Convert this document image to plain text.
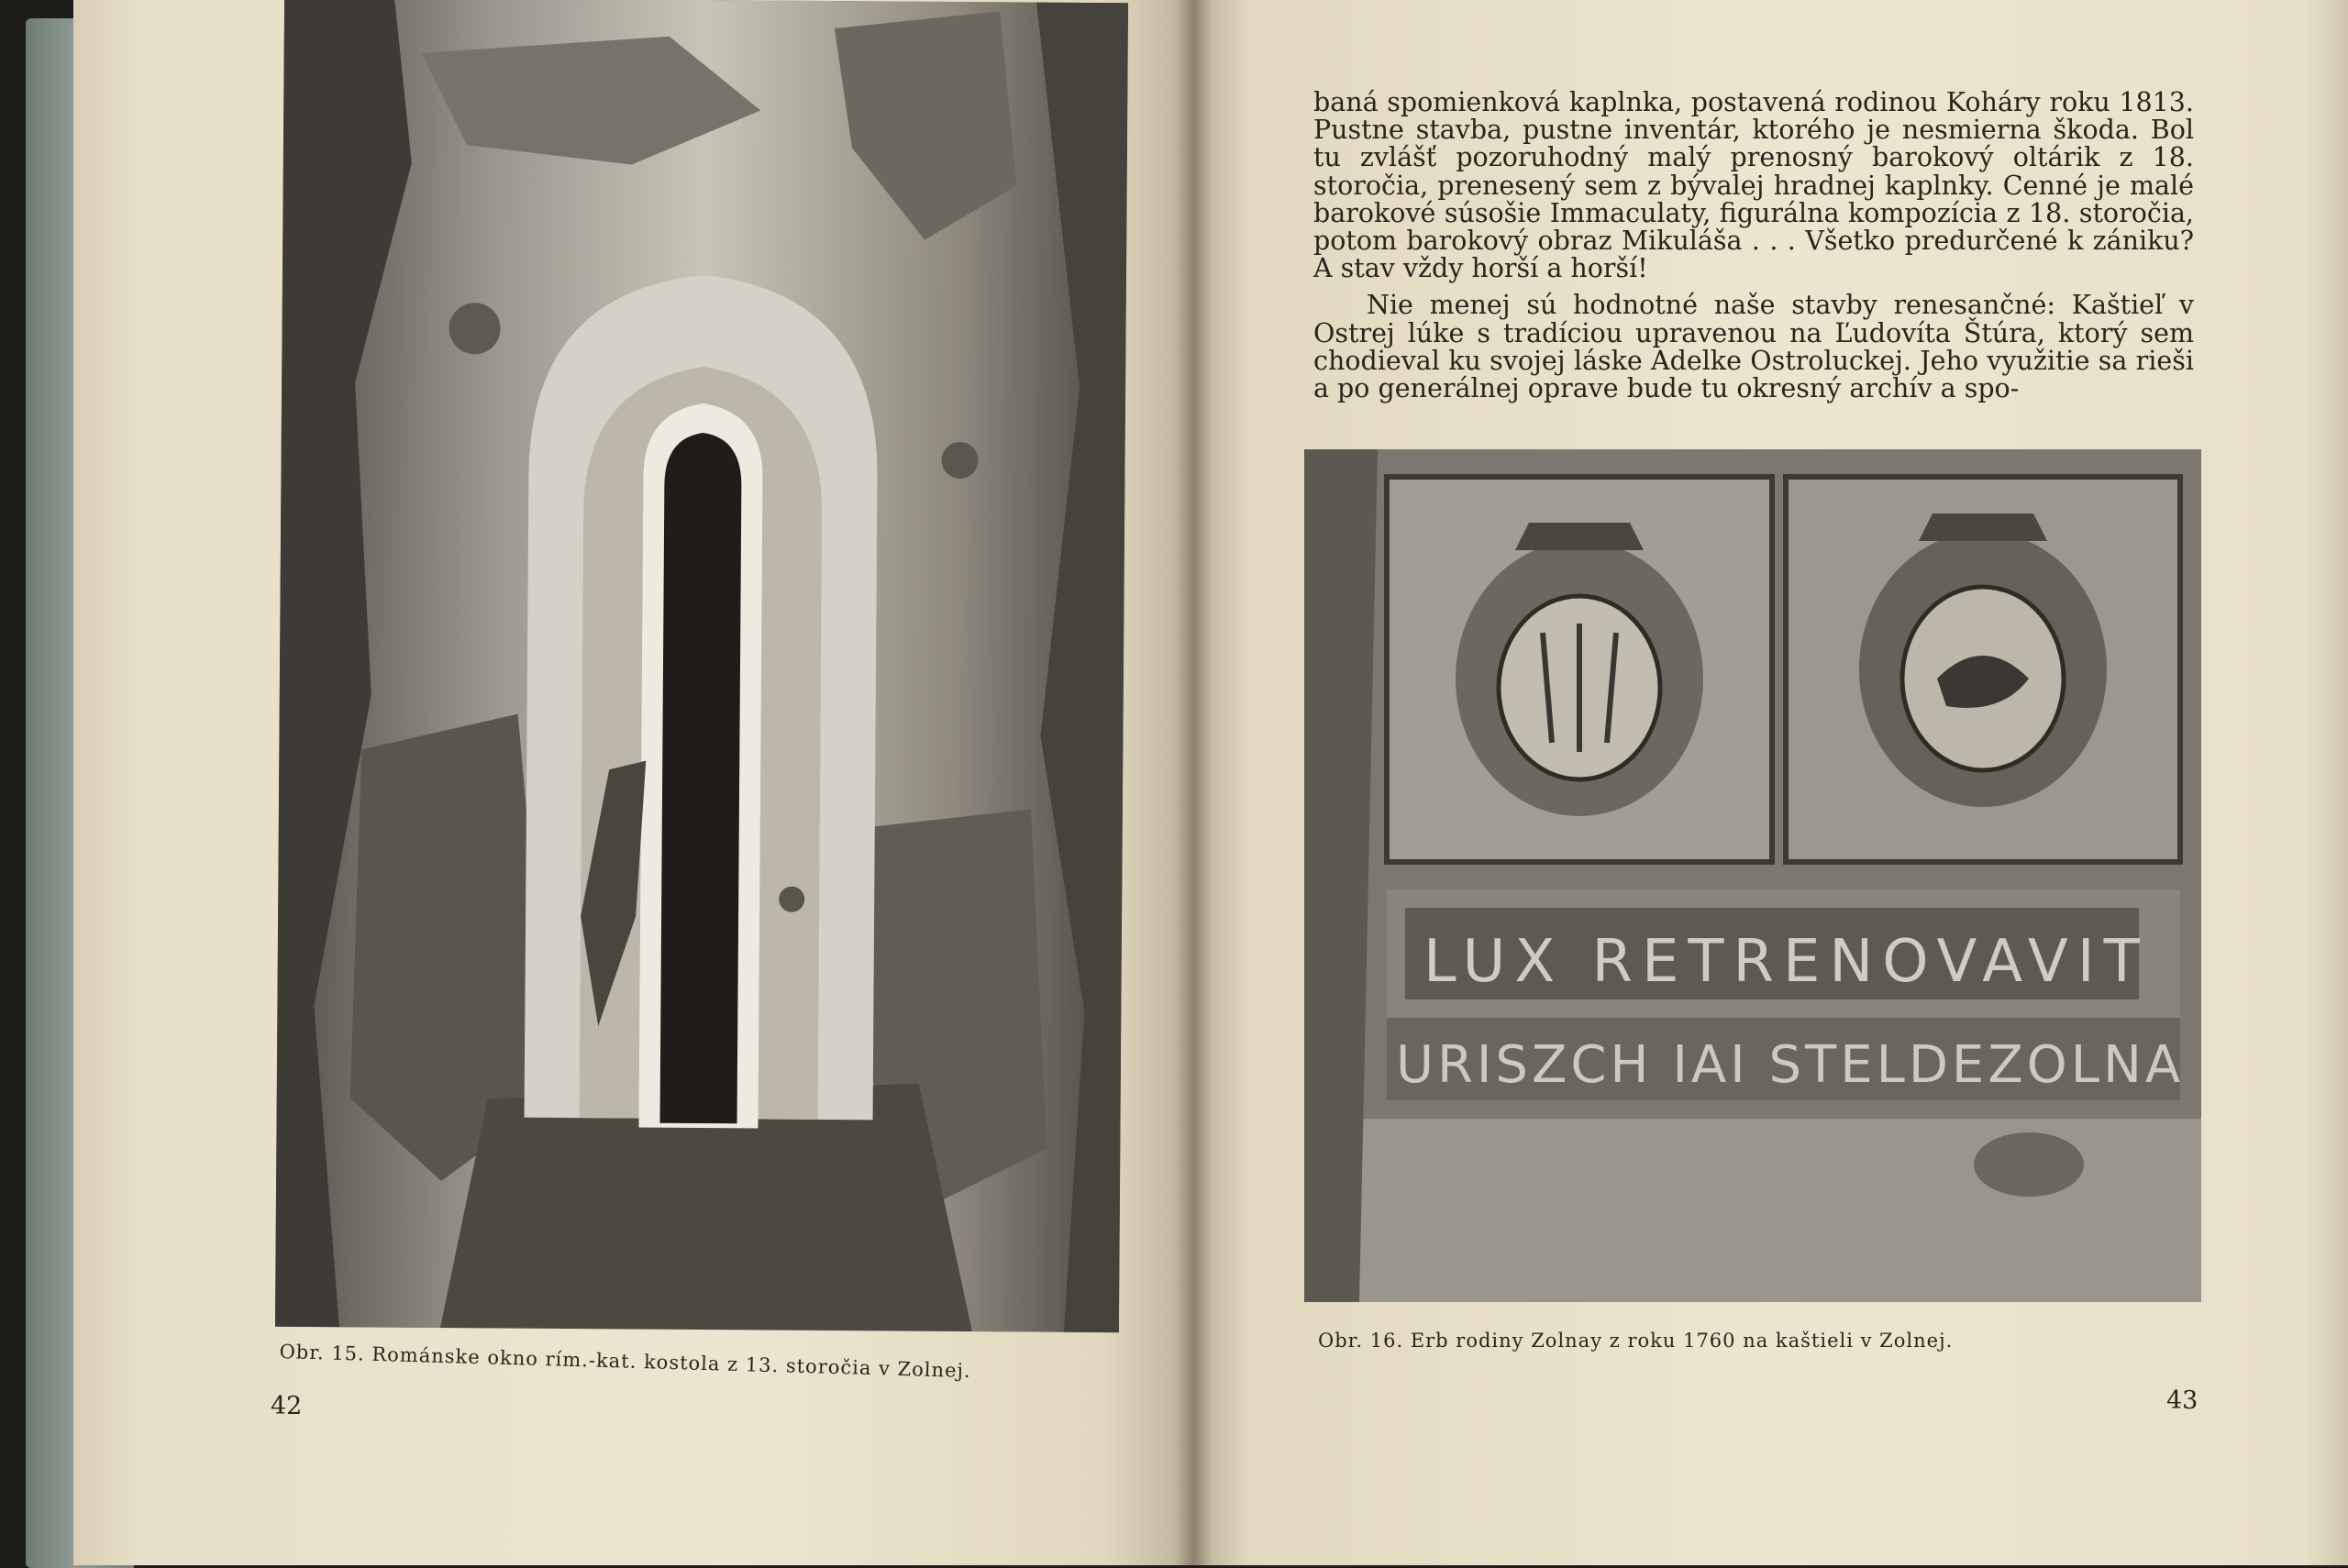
Obr. 15. Románske okno rím.-kat. kostola z 13. storočia v Zolnej.
42

baná spomienková kaplnka, postavená rodinou Koháry roku 1813. Pustne stavba, pustne inventár, ktorého je nesmierna škoda. Bol tu zvlášť pozoruhodný malý prenosný barokový oltárik z 18. storočia, prenesený sem z bývalej hradnej kaplnky. Cenné je malé barokové súsošie Immaculaty, figurálna kompozícia z 18. storočia, potom barokový obraz Mikuláša . . . Všetko predurčené k zániku? A stav vždy horší a horší!

Nie menej sú hodnotné naše stavby renesančné: Kaštieľ v Ostrej lúke s tradíciou upravenou na Ľudovíta Štúra, ktorý sem chodieval ku svojej láske Adelke Ostroluckej. Jeho využitie sa rieši a po generálnej oprave bude tu okresný archív a spo-

LUX RETRENOVAVIT
URISZCH IAI STELDEZOLNA
Obr. 16. Erb rodiny Zolnay z roku 1760 na kaštieli v Zolnej.
43
